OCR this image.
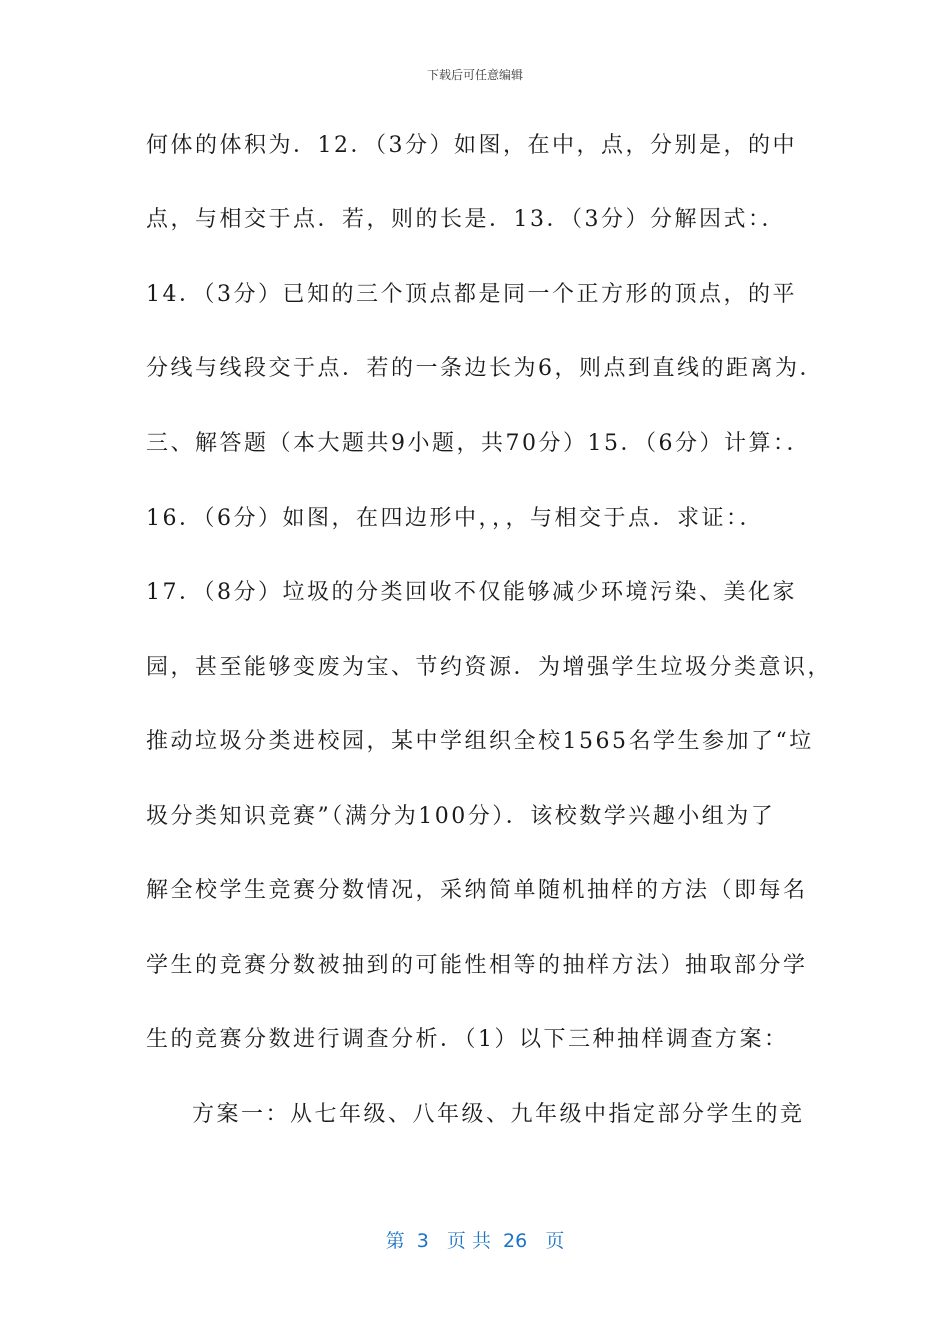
下载后可任意编辑
何体的体积为．12．（3分）如图，在中，点，分别是，的中
点，与相交于点．若，则的长是．13．（3分）分解因式：．
14．（3分）已知的三个顶点都是同一个正方形的顶点，的平
分线与线段交于点．若的一条边长为6，则点到直线的距离为．
三、解答题（本大题共9小题，共70分）15．（6分）计算：．
16．（6分）如图，在四边形中，，，与相交于点．求证：．
17．（8分）垃圾的分类回收不仅能够减少环境污染、美化家
园，甚至能够变废为宝、节约资源．为增强学生垃圾分类意识，
推动垃圾分类进校园，某中学组织全校1565名学生参加了“垃
圾分类知识竞赛”（满分为100分）．该校数学兴趣小组为了
解全校学生竞赛分数情况，采纳简单随机抽样的方法（即每名
学生的竞赛分数被抽到的可能性相等的抽样方法）抽取部分学
生的竞赛分数进行调查分析．（1）以下三种抽样调查方案：
方案一：从七年级、八年级、九年级中指定部分学生的竞
第  3   页 共  26   页
